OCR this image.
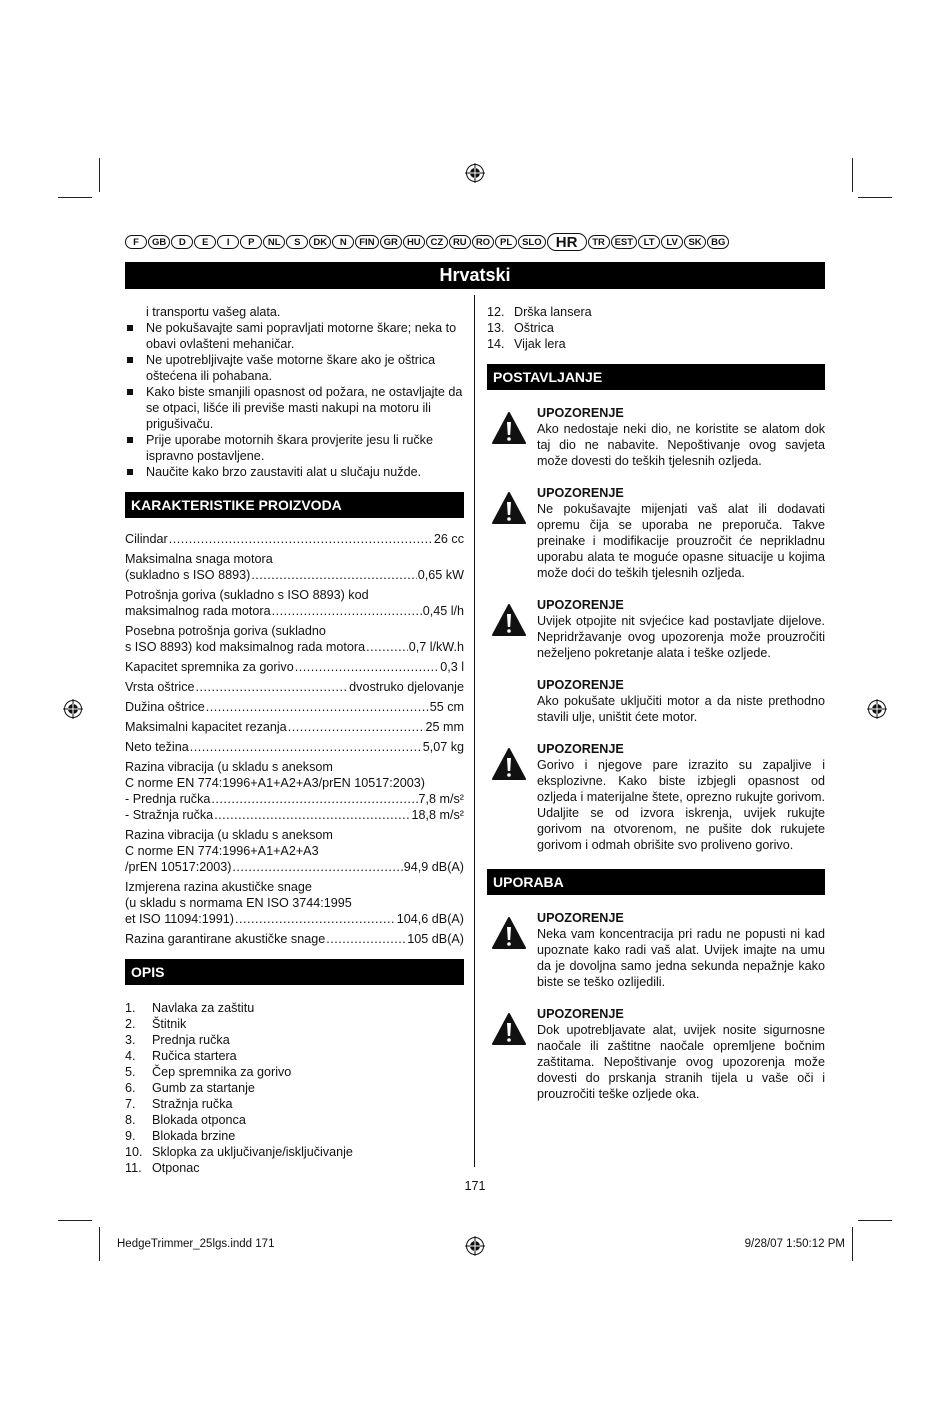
F	GB	D	E	I	P	NL	S	DK	N	FIN GR HU	CZ	RU RO	PL	SLO HR	TR	EST	LT	LV	SK BG
Hrvatski
i transportu vašeg alata.
Ne pokušavajte sami popravljati motorne škare; neka to obavi ovlašteni mehaničar.
Ne upotrebljivajte vaše motorne škare ako je oštrica oštećena ili pohabana.
Kako biste smanjili opasnost od požara, ne ostavljajte da se otpaci, lišće ili previše masti nakupi na motoru ili prigušivaču.
Prije uporabe motornih škara provjerite jesu li ručke ispravno postavljene.
Naučite kako brzo zaustaviti alat u slučaju nužde.
KARAKTERISTIKE PROIZVODA
Cilindar .....	26 cc
Maksimalna snaga motora
(sukladno s ISO 8893) .....	0,65 kW
Potrošnja goriva (sukladno s ISO 8893) kod
maksimalnog rada motora .....	0,45 l/h
Posebna potrošnja goriva (sukladno
s ISO 8893) kod maksimalnog rada motora .....	0,7 l/kW.h
Kapacitet spremnika za gorivo .....	0,3 l
Vrsta oštrice .....	dvostruko djelovanje
Dužina oštrice .....	55 cm
Maksimalni kapacitet rezanja .....	25 mm
Neto težina .....	5,07 kg
Razina vibracija (u skladu s aneksom
C norme EN 774:1996+A1+A2+A3/prEN 10517:2003)
- Prednja ručka .....	7,8 m/s²
- Stražnja ručka .....	18,8 m/s²
Razina vibracija (u skladu s aneksom
C norme EN 774:1996+A1+A2+A3
/prEN 10517:2003) .....	94,9 dB(A)
Izmjerena razina akustičke snage
(u skladu s normama EN ISO 3744:1995
et ISO 11094:1991) .....	104,6 dB(A)
Razina garantirane akustičke snage .....	105 dB(A)
OPIS
1.	Navlaka za zaštitu
2.	Štitnik
3.	Prednja ručka
4.	Ručica startera
5.	Čep spremnika za gorivo
6.	Gumb za startanje
7.	Stražnja ručka
8.	Blokada otponca
9.	Blokada brzine
10. Sklopka za uključivanje/isključivanje
11. Otponac
12. Drška lansera
13. Oštrica
14. Vijak lera
POSTAVLJANJE
UPOZORENJE
Ako nedostaje neki dio, ne koristite se alatom dok taj dio ne nabavite. Nepoštivanje ovog savjeta može dovesti do teških tjelesnih ozljeda.
UPOZORENJE
Ne pokušavajte mijenjati vaš alat ili dodavati opremu čija se uporaba ne preporuča. Takve preinake i modifikacije prouzročit će neprikladnu uporabu alata te moguće opasne situacije u kojima može doći do teških tjelesnih ozljeda.
UPOZORENJE
Uvijek otpojite nit svjećice kad postavljate dijelove. Nepridržavanje ovog upozorenja može prouzročiti neželjeno pokretanje alata i teške ozljede.
UPOZORENJE
Ako pokušate uključiti motor a da niste prethodno stavili ulje, uništit ćete motor.
UPOZORENJE
Gorivo i njegove pare izrazito su zapaljive i eksplozivne. Kako biste izbjegli opasnost od ozljeda i materijalne štete, oprezno rukujte gorivom. Udaljite se od izvora iskrenja, uvijek rukujte gorivom na otvorenom, ne pušite dok rukujete gorivom i odmah obrišite svo proliveno gorivo.
UPORABA
UPOZORENJE
Neka vam koncentracija pri radu ne popusti ni kad upoznate kako radi vaš alat. Uvijek imajte na umu da je dovoljna samo jedna sekunda nepažnje kako biste se teško ozlijedili.
UPOZORENJE
Dok upotrebljavate alat, uvijek nosite sigurnosne naočale ili zaštitne naočale opremljene bočnim zaštitama. Nepoštivanje ovog upozorenja može dovesti do prskanja stranih tijela u vaše oči i prouzročiti teške ozljede oka.
171
HedgeTrimmer_25lgs.indd 171	9/28/07 1:50:12 PM
